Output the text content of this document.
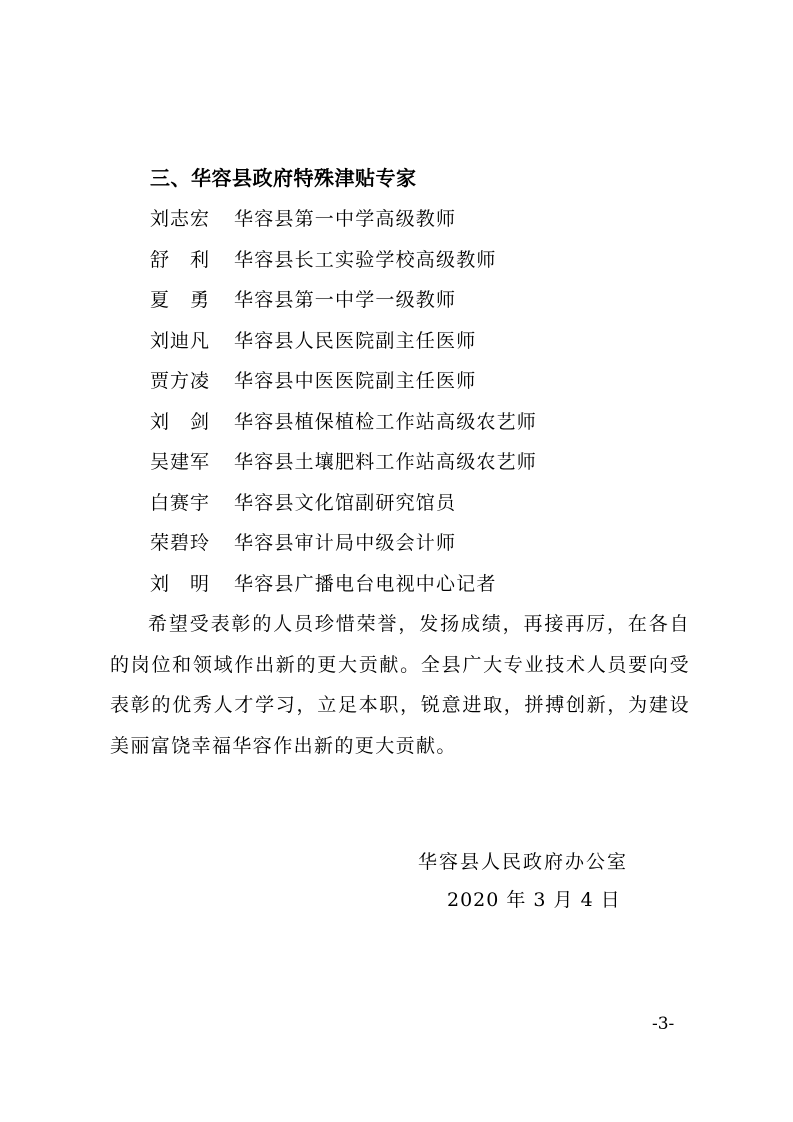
三、华容县政府特殊津贴专家
刘志宏	华容县第一中学高级教师
舒　利	华容县长工实验学校高级教师
夏　勇	华容县第一中学一级教师
刘迪凡	华容县人民医院副主任医师
贾方凌	华容县中医医院副主任医师
刘　剑	华容县植保植检工作站高级农艺师
吴建军	华容县土壤肥料工作站高级农艺师
白赛宇	华容县文化馆副研究馆员
荣碧玲	华容县审计局中级会计师
刘　明	华容县广播电台电视中心记者
希望受表彰的人员珍惜荣誉，发扬成绩，再接再厉，在各自的岗位和领域作出新的更大贡献。全县广大专业技术人员要向受表彰的优秀人才学习，立足本职，锐意进取，拼搏创新，为建设美丽富饶幸福华容作出新的更大贡献。
华容县人民政府办公室
2020 年 3 月 4 日
-3-
